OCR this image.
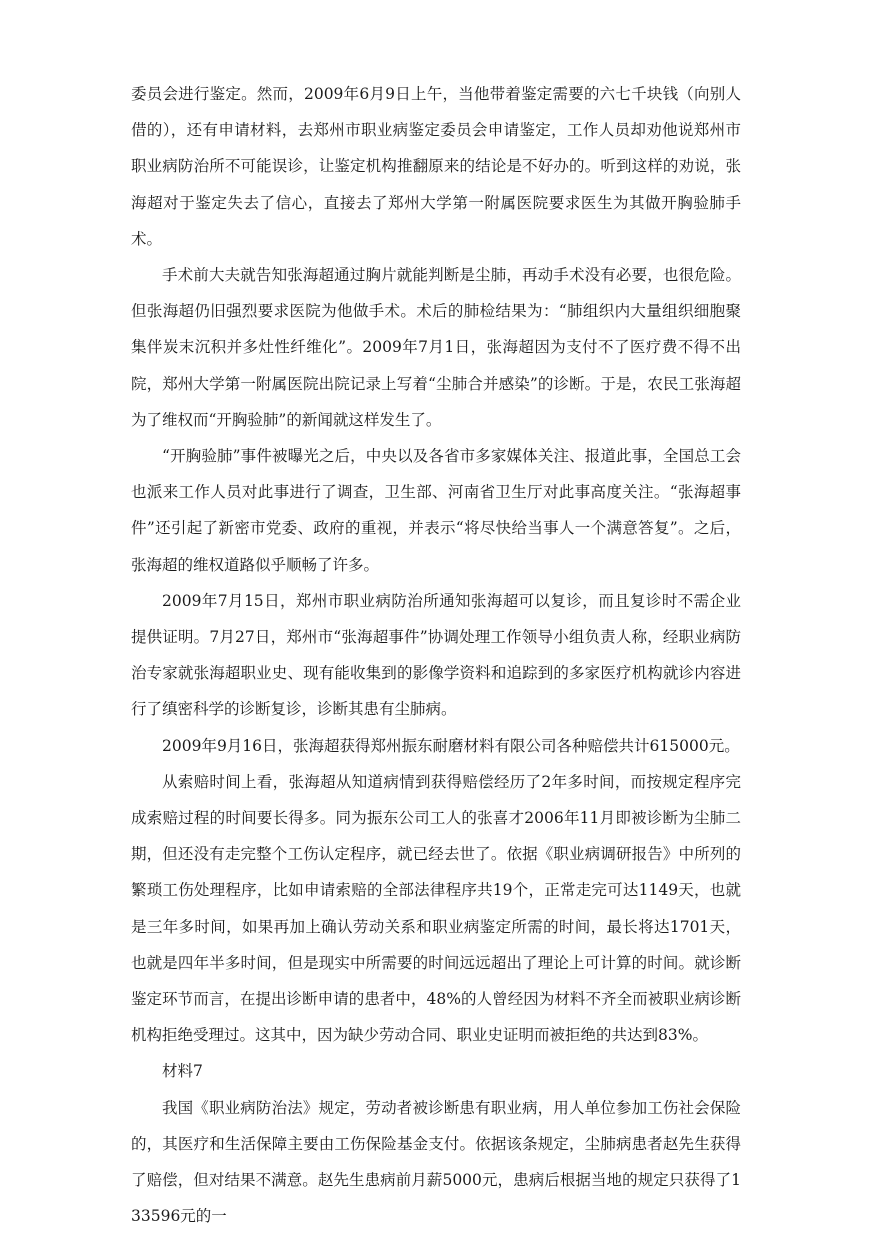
委员会进行鉴定。然而，2009年6月9日上午，当他带着鉴定需要的六七千块钱（向别人借的），还有申请材料，去郑州市职业病鉴定委员会申请鉴定，工作人员却劝他说郑州市职业病防治所不可能误诊，让鉴定机构推翻原来的结论是不好办的。听到这样的劝说，张海超对于鉴定失去了信心，直接去了郑州大学第一附属医院要求医生为其做开胸验肺手术。

手术前大夫就告知张海超通过胸片就能判断是尘肺，再动手术没有必要，也很危险。但张海超仍旧强烈要求医院为他做手术。术后的肺检结果为：“肺组织内大量组织细胞聚集伴炭末沉积并多灶性纤维化”。2009年7月1日，张海超因为支付不了医疗费不得不出院，郑州大学第一附属医院出院记录上写着“尘肺合并感染”的诊断。于是，农民工张海超为了维权而“开胸验肺”的新闻就这样发生了。

“开胸验肺”事件被曝光之后，中央以及各省市多家媒体关注、报道此事，全国总工会也派来工作人员对此事进行了调查，卫生部、河南省卫生厅对此事高度关注。“张海超事件”还引起了新密市党委、政府的重视，并表示“将尽快给当事人一个满意答复”。之后，张海超的维权道路似乎顺畅了许多。

2009年7月15日，郑州市职业病防治所通知张海超可以复诊，而且复诊时不需企业提供证明。7月27日，郑州市“张海超事件”协调处理工作领导小组负责人称，经职业病防治专家就张海超职业史、现有能收集到的影像学资料和追踪到的多家医疗机构就诊内容进行了缜密科学的诊断复诊，诊断其患有尘肺病。

2009年9月16日，张海超获得郑州振东耐磨材料有限公司各种赔偿共计615000元。

从索赔时间上看，张海超从知道病情到获得赔偿经历了2年多时间，而按规定程序完成索赔过程的时间要长得多。同为振东公司工人的张喜才2006年11月即被诊断为尘肺二期，但还没有走完整个工伤认定程序，就已经去世了。依据《职业病调研报告》中所列的繁琐工伤处理程序，比如申请索赔的全部法律程序共19个，正常走完可达1149天，也就是三年多时间，如果再加上确认劳动关系和职业病鉴定所需的时间，最长将达1701天，也就是四年半多时间，但是现实中所需要的时间远远超出了理论上可计算的时间。就诊断鉴定环节而言，在提出诊断申请的患者中，48%的人曾经因为材料不齐全而被职业病诊断机构拒绝受理过。这其中，因为缺少劳动合同、职业史证明而被拒绝的共达到83%。

材料7

我国《职业病防治法》规定，劳动者被诊断患有职业病，用人单位参加工伤社会保险的，其医疗和生活保障主要由工伤保险基金支付。依据该条规定，尘肺病患者赵先生获得了赔偿，但对结果不满意。赵先生患病前月薪5000元，患病后根据当地的规定只获得了133596元的一
